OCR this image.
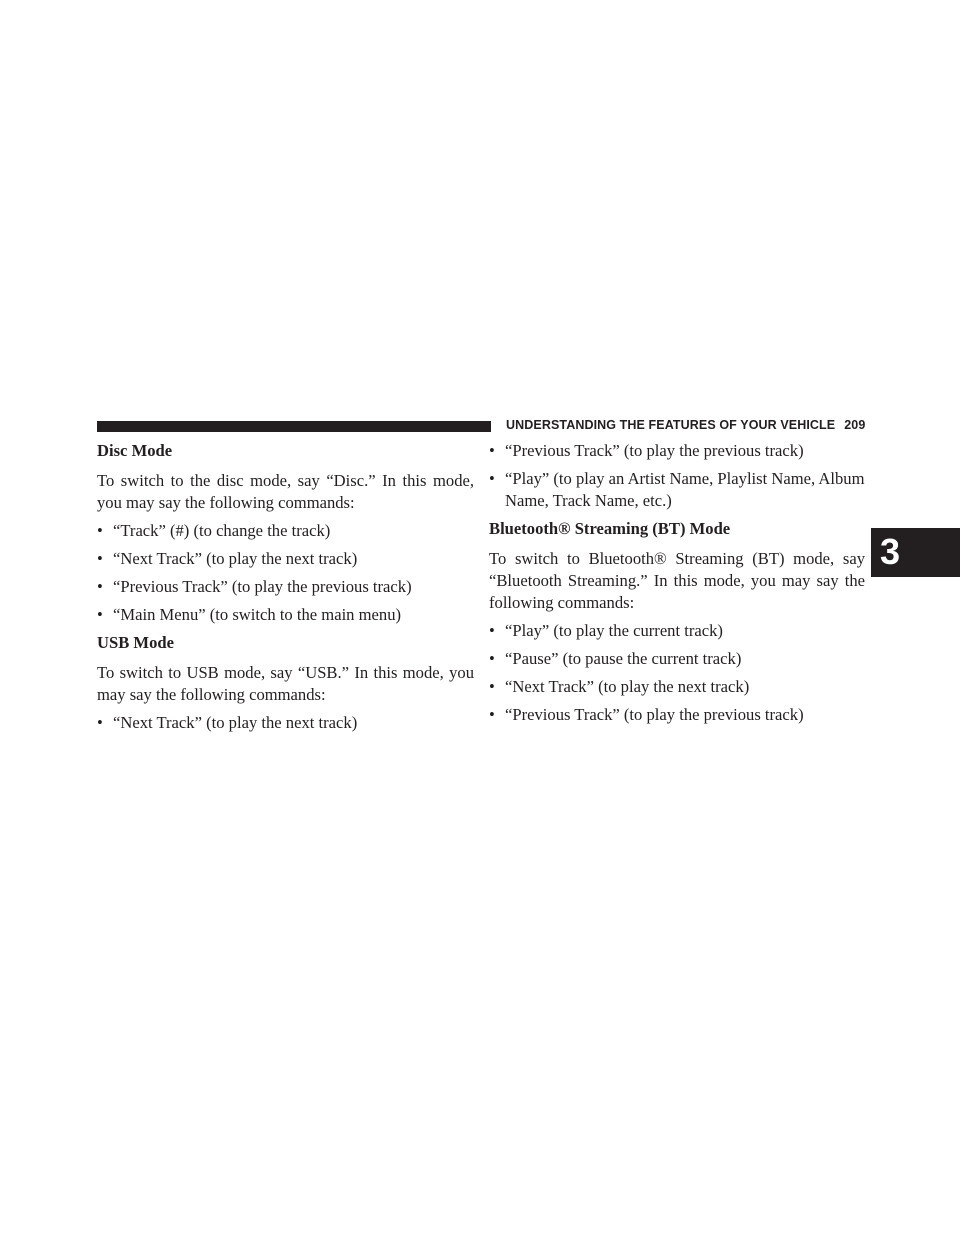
UNDERSTANDING THE FEATURES OF YOUR VEHICLE 209
3
Disc Mode

To switch to the disc mode, say “Disc.” In this mode, you may say the following commands:

• “Track” (#) (to change the track)
• “Next Track” (to play the next track)
• “Previous Track” (to play the previous track)
• “Main Menu” (to switch to the main menu)
USB Mode

To switch to USB mode, say “USB.” In this mode, you may say the following commands:

• “Next Track” (to play the next track)
• “Previous Track” (to play the previous track)
• “Play” (to play an Artist Name, Playlist Name, Album Name, Track Name, etc.)
Bluetooth® Streaming (BT) Mode

To switch to Bluetooth® Streaming (BT) mode, say “Bluetooth Streaming.” In this mode, you may say the following commands:

• “Play” (to play the current track)
• “Pause” (to pause the current track)
• “Next Track” (to play the next track)
• “Previous Track” (to play the previous track)
